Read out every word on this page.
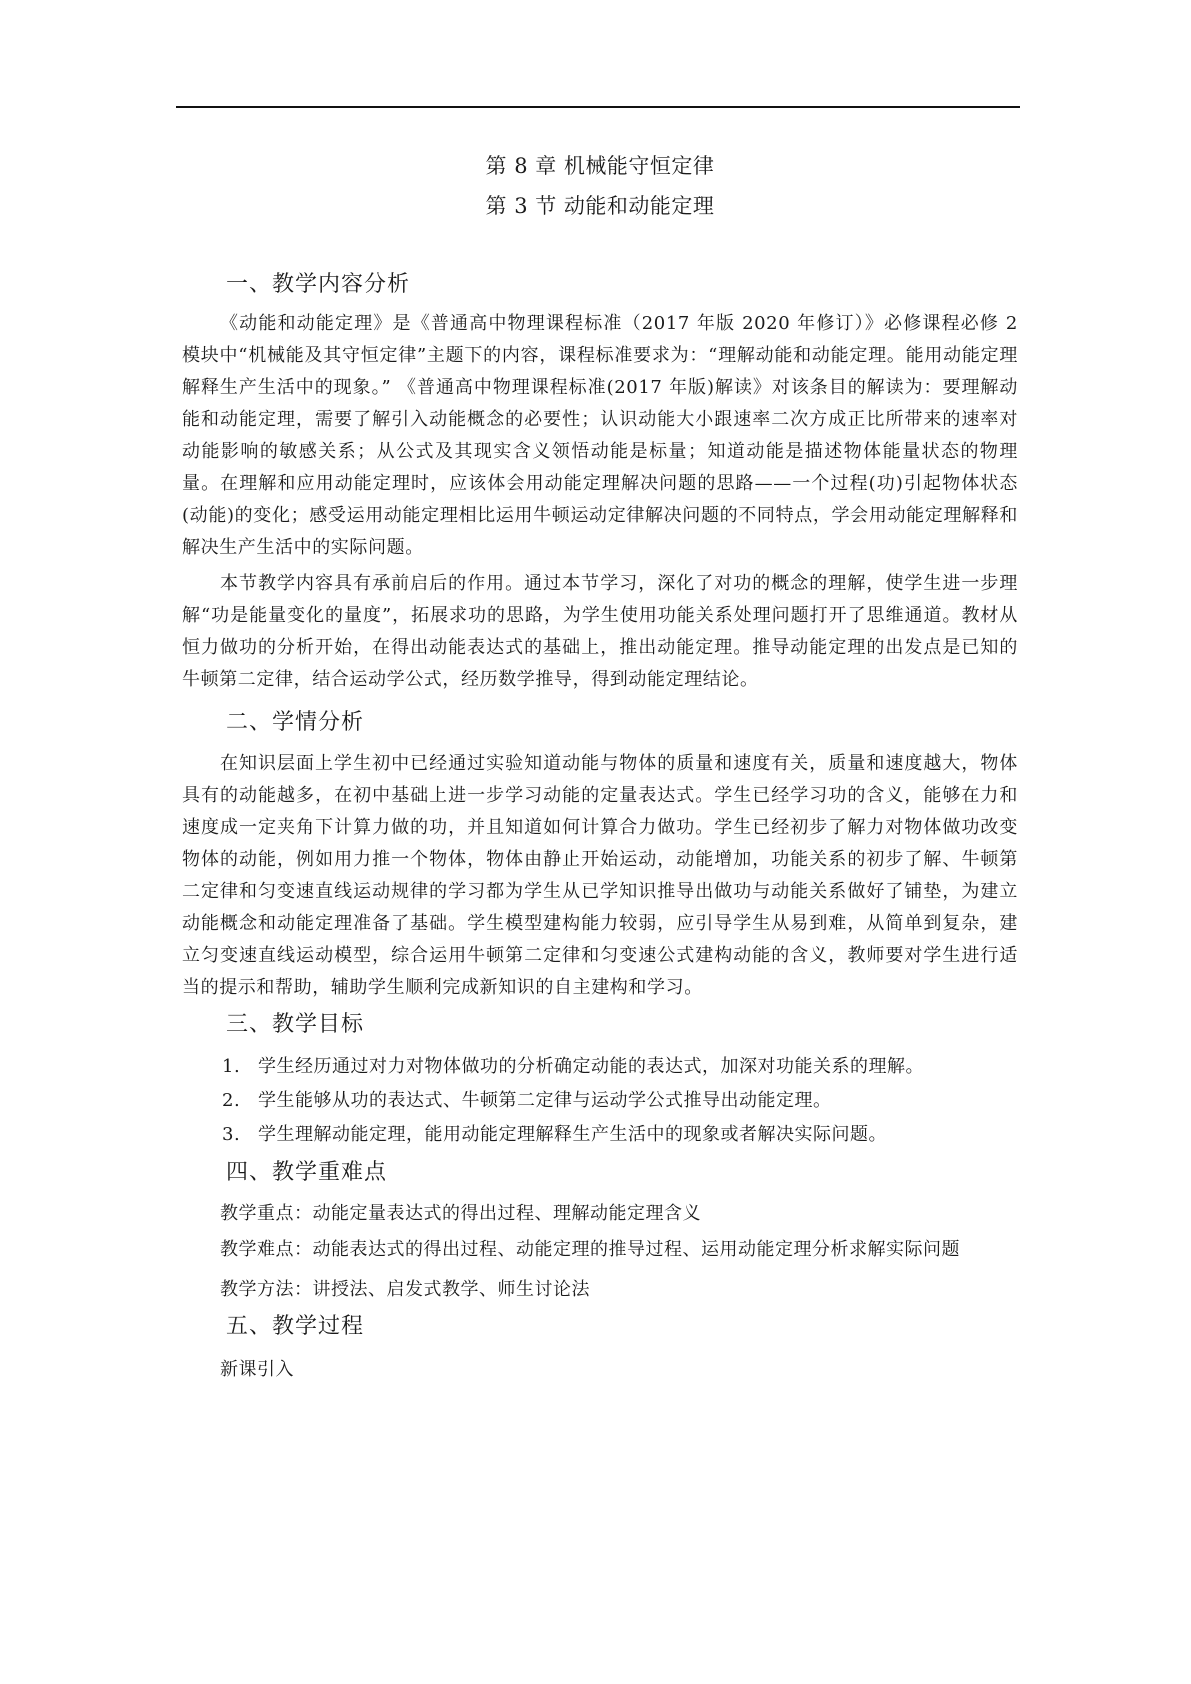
第 8 章 机械能守恒定律
第 3 节 动能和动能定理
一、教学内容分析

《动能和动能定理》是《普通高中物理课程标准（2017 年版 2020 年修订）》必修课程必修 2 模块中“机械能及其守恒定律”主题下的内容，课程标准要求为：“理解动能和动能定理。能用动能定理解释生产生活中的现象。” 《普通高中物理课程标准(2017 年版)解读》对该条目的解读为：要理解动能和动能定理，需要了解引入动能概念的必要性；认识动能大小跟速率二次方成正比所带来的速率对动能影响的敏感关系；从公式及其现实含义领悟动能是标量；知道动能是描述物体能量状态的物理量。在理解和应用动能定理时，应该体会用动能定理解决问题的思路——一个过程(功)引起物体状态(动能)的变化；感受运用动能定理相比运用牛顿运动定律解决问题的不同特点，学会用动能定理解释和解决生产生活中的实际问题。

本节教学内容具有承前启后的作用。通过本节学习，深化了对功的概念的理解，使学生进一步理解“功是能量变化的量度”，拓展求功的思路，为学生使用功能关系处理问题打开了思维通道。教材从恒力做功的分析开始，在得出动能表达式的基础上，推出动能定理。推导动能定理的出发点是已知的牛顿第二定律，结合运动学公式，经历数学推导，得到动能定理结论。

二、学情分析

在知识层面上学生初中已经通过实验知道动能与物体的质量和速度有关，质量和速度越大，物体具有的动能越多，在初中基础上进一步学习动能的定量表达式。学生已经学习功的含义，能够在力和速度成一定夹角下计算力做的功，并且知道如何计算合力做功。学生已经初步了解力对物体做功改变物体的动能，例如用力推一个物体，物体由静止开始运动，动能增加，功能关系的初步了解、牛顿第二定律和匀变速直线运动规律的学习都为学生从已学知识推导出做功与动能关系做好了铺垫，为建立动能概念和动能定理准备了基础。学生模型建构能力较弱，应引导学生从易到难，从简单到复杂，建立匀变速直线运动模型，综合运用牛顿第二定律和匀变速公式建构动能的含义，教师要对学生进行适当的提示和帮助，辅助学生顺利完成新知识的自主建构和学习。

三、教学目标
1. 学生经历通过对力对物体做功的分析确定动能的表达式，加深对功能关系的理解。
2. 学生能够从功的表达式、牛顿第二定律与运动学公式推导出动能定理。
3. 学生理解动能定理，能用动能定理解释生产生活中的现象或者解决实际问题。
四、教学重难点

教学重点：动能定量表达式的得出过程、理解动能定理含义

教学难点：动能表达式的得出过程、动能定理的推导过程、运用动能定理分析求解实际问题

教学方法：讲授法、启发式教学、师生讨论法

五、教学过程

新课引入
